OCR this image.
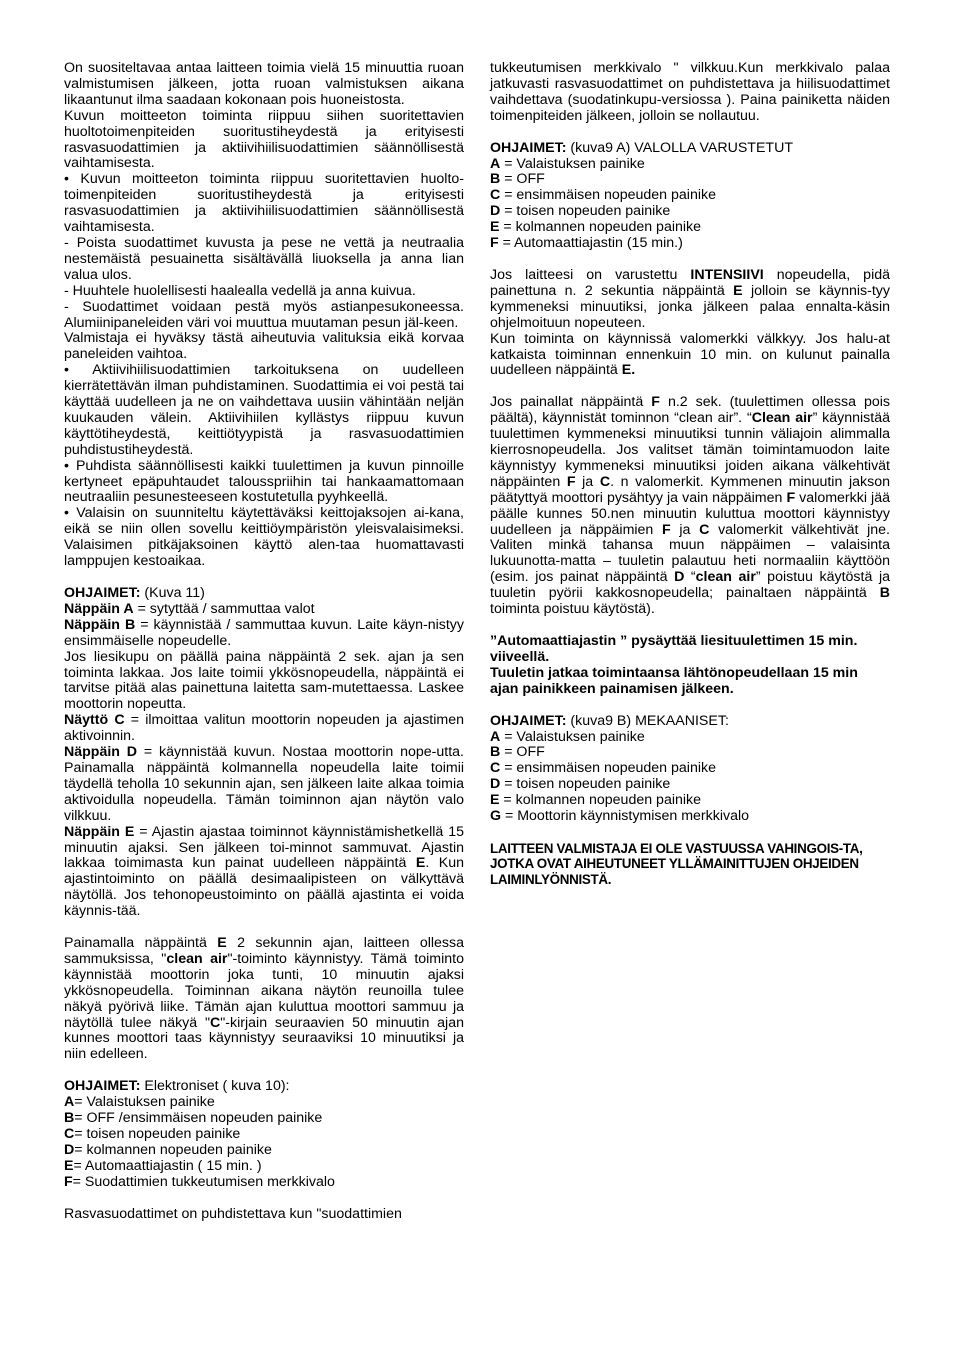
On suositeltavaa antaa laitteen toimia vielä 15 minuuttia ruoan valmistumisen jälkeen, jotta ruoan valmistuksen aikana likaantunut ilma saadaan kokonaan pois huoneistosta.

Kuvun moitteeton toiminta riippuu siihen suoritettavien huoltotoimenpiteiden suoritustiheydestä ja erityisesti rasvasuodattimien ja aktiivihiilisuodattimien säännöllisestä vaihtamisesta.

• Kuvun moitteeton toiminta riippuu suoritettavien huolto-toimenpiteiden suoritustiheydestä ja erityisesti rasvasuodattimien ja aktiivihiilisuodattimien säännöllisestä vaihtamisesta.

- Poista suodattimet kuvusta ja pese ne vettä ja neutraalia nestemäistä pesuainetta sisältävällä liuoksella ja anna lian valua ulos.

- Huuhtele huolellisesti haalealla vedellä ja anna kuivua.

- Suodattimet voidaan pestä myös astianpesukoneessa. Alumiinipaneleiden väri voi muuttua muutaman pesun jäl-keen.

Valmistaja ei hyväksy tästä aiheutuvia valituksia eikä korvaa paneleiden vaihtoa.

• Aktiivihiilisuodattimien tarkoituksena on uudelleen kierrätettävän ilman puhdistaminen. Suodattimia ei voi pestä tai käyttää uudelleen ja ne on vaihdettava uusiin vähintään neljän kuukauden välein. Aktiivihiilen kyllästys riippuu kuvun käyttötiheydestä, keittiötyypistä ja rasvasuodattimien puhdistustiheydestä.

• Puhdista säännöllisesti kaikki tuulettimen ja kuvun pinnoille kertyneet epäpuhtaudet talousspriihin tai hankaamattomaan neutraaliin pesunesteeseen kostutetulla pyyhkeellä.

• Valaisin on suunniteltu käytettäväksi keittojaksojen ai-kana, eikä se niin ollen sovellu keittiöympäristön yleisvalaisimeksi. Valaisimen pitkäjaksoinen käyttö alen-taa huomattavasti lamppujen kestoaikaa.

OHJAIMET: (Kuva 11)

Näppäin A = sytyttää / sammuttaa valot

Näppäin B = käynnistää / sammuttaa kuvun. Laite käyn-nistyy ensimmäiselle nopeudelle.

Jos liesikupu on päällä paina näppäintä 2 sek. ajan ja sen toiminta lakkaa. Jos laite toimii ykkösnopeudella, näppäintä ei tarvitse pitää alas painettuna laitetta sam-mutettaessa. Laskee moottorin nopeutta.

Näyttö C = ilmoittaa valitun moottorin nopeuden ja ajastimen aktivoinnin.

Näppäin D = käynnistää kuvun. Nostaa moottorin nope-utta. Painamalla näppäintä kolmannella nopeudella laite toimii täydellä teholla 10 sekunnin ajan, sen jälkeen laite alkaa toimia aktivoidulla nopeudella. Tämän toiminnon ajan näytön valo vilkkuu.

Näppäin E = Ajastin ajastaa toiminnot käynnistämishetkellä 15 minuutin ajaksi. Sen jälkeen toi-minnot sammuvat. Ajastin lakkaa toimimasta kun painat uudelleen näppäintä E. Kun ajastintoiminto on päällä desimaalipisteen on välkyttävä näytöllä. Jos tehonopeustoiminto on päällä ajastinta ei voida käynnis-tää.

Painamalla näppäintä E 2 sekunnin ajan, laitteen ollessa sammuksissa, "clean air"-toiminto käynnistyy. Tämä toiminto käynnistää moottorin joka tunti, 10 minuutin ajaksi ykkösnopeudella. Toiminnan aikana näytön reunoilla tulee näkyä pyörivä liike. Tämän ajan kuluttua moottori sammuu ja näytöllä tulee näkyä "C"-kirjain seuraavien 50 minuutin ajan kunnes moottori taas käynnistyy seuraaviksi 10 minuutiksi ja niin edelleen.

OHJAIMET: Elektroniset ( kuva 10):

A= Valaistuksen painike

B= OFF /ensimmäisen nopeuden painike

C= toisen nopeuden painike

D= kolmannen nopeuden painike

E= Automaattiajastin ( 15 min. )

F= Suodattimien tukkeutumisen merkkivalo

Rasvasuodattimet on puhdistettava kun "suodattimien

tukkeutumisen merkkivalo " vilkkuu.Kun merkkivalo palaa jatkuvasti rasvasuodattimet on puhdistettava ja hiilisuodattimet vaihdettava (suodatinkupu-versiossa ). Paina painiketta näiden toimenpiteiden jälkeen, jolloin se nollautuu.

OHJAIMET: (kuva9 A) VALOLLA VARUSTETUT

A = Valaistuksen painike

B = OFF

C = ensimmäisen nopeuden painike

D = toisen nopeuden painike

E = kolmannen nopeuden painike

F = Automaattiajastin (15 min.)

Jos laitteesi on varustettu INTENSIIVI nopeudella, pidä painettuna n. 2 sekuntia näppäintä E jolloin se käynnis-tyy kymmeneksi minuutiksi, jonka jälkeen palaa ennalta-käsin ohjelmoituun nopeuteen.

Kun toiminta on käynnissä valomerkki välkkyy. Jos halu-at katkaista toiminnan ennenkuin 10 min. on kulunut painalla uudelleen näppäintä E.

Jos painallat näppäintä F n.2 sek. (tuulettimen ollessa pois päältä), käynnistät tominnon “clean air”. “Clean air” käynnistää tuulettimen kymmeneksi minuutiksi tunnin väliajoin alimmalla kierrosnopeudella. Jos valitset tämän toimintamuodon laite käynnistyy kymmeneksi minuutiksi joiden aikana välkehtivät näppäinten F ja C. n valomerkit. Kymmenen minuutin jakson päätyttyä moottori pysähtyy ja vain näppäimen F valomerkki jää päälle kunnes 50.nen minuutin kuluttua moottori käynnistyy uudelleen ja näppäimien F ja C valomerkit välkehtivät jne. Valiten minkä tahansa muun näppäimen – valaisinta lukuunotta-matta – tuuletin palautuu heti normaaliin käyttöön (esim. jos painat näppäintä D “clean air” poistuu käytöstä ja tuuletin pyörii kakkosnopeudella; painaltaen näppäintä B toiminta poistuu käytöstä).

”Automaattiajastin ” pysäyttää liesituulettimen 15 min. viiveellä.

Tuuletin jatkaa toimintaansa lähtönopeudellaan 15 min ajan painikkeen painamisen jälkeen.

OHJAIMET: (kuva9 B) MEKAANISET:

A = Valaistuksen painike

B = OFF

C = ensimmäisen nopeuden painike

D = toisen nopeuden painike

E = kolmannen nopeuden painike

G = Moottorin käynnistymisen merkkivalo

LAITTEEN VALMISTAJA EI OLE VASTUUSSA VAHINGOIS-TA, JOTKA OVAT AIHEUTUNEET YLLÄMAINITTUJEN OHJEIDEN LAIMINLYÖNNISTÄ.
